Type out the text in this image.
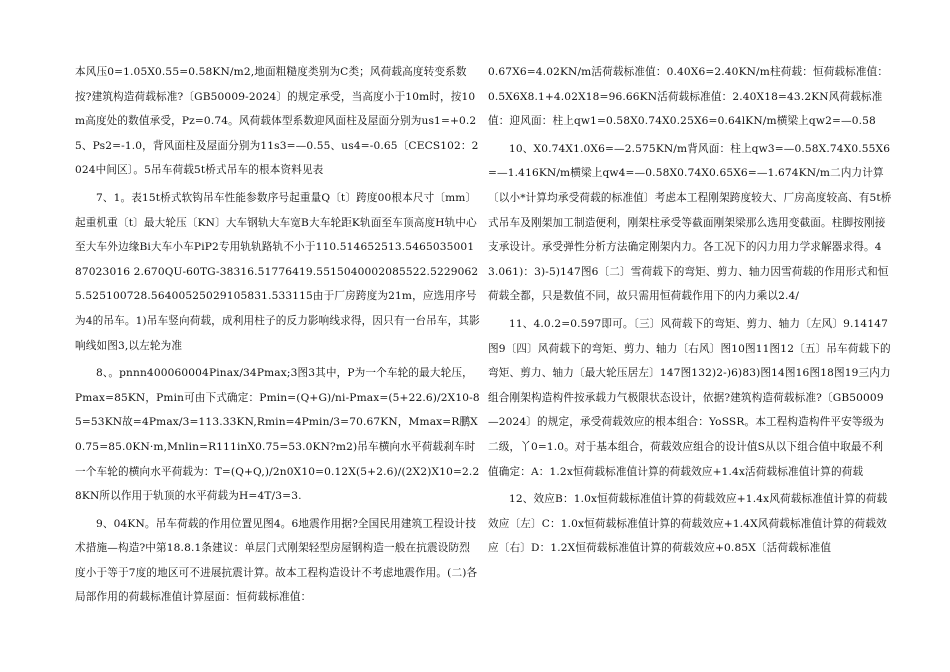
本风压0=1.05X0.55=0.58KN/m2,地面粗糙度类别为C类；风荷载高度转变系数按?建筑构造荷载标准?〔GB50009-2024〕的规定承受，当高度小于10m时，按10m高度处的数值承受，Pz=0.74。风荷载体型系数迎风面柱及屋面分别为us1=+0.25、Ps2=-1.0，背风面柱及屋面分别为11s3=—0.55、us4=-0.65〔CECS102：2024中间区〕。5吊车荷载5t桥式吊车的根本资料见表

7、1。表15t桥式软钩吊车性能参数序号起重量Q〔t〕跨度00根本尺寸〔mm〕起重机重〔t〕最大轮压〔KN〕大车钢轨大车宽B大车轮距K轨面至车顶高度H轨中心至大车外边缘Bi大车小车PiP2专用轨轨路轨不小于110.514652513.546503500187023016 2.670QU-60TG-38316.51776419.5515040002085522.52290625.525100728.56400525029105831.533115由于厂房跨度为21m，应选用序号为4的吊车。1)吊车竖向荷载，成利用柱子的反力影响线求得，因只有一台吊车，其影响线如图3,以左轮为准

8、。pnnn400060004Pinax/34Pmax;3图3其中，P为一个车轮的最大轮压，Pmax=85KN，Pmin可由下式确定：Pmin=(Q+G)/ni-Pmax=(5+22.6)/2X10-85=53KN故=4Pmax/3=113.33KN,Rmin=4Pmin/3=70.67KN，Mmax=R鹏X0.75=85.0KN·m,Mnlin=R111inX0.75=53.0KN?m2)吊车横向水平荷载刹车时一个车轮的横向水平荷载为：T=(Q+Q,)/2n0X10=0.12X(5+2.6)/(2X2)X10=2.28KN所以作用于轨顶的水平荷载为H=4T/3=3.

9、04KN。吊车荷载的作用位置见图4。6地震作用据?全国民用建筑工程设计技术措施—构造?中第18.8.1条建议：单层门式刚架轻型房屋钢构造一般在抗震设防烈度小于等于7度的地区可不进展抗震计算。故本工程构造设计不考虑地震作用。(二)各局部作用的荷载标准值计算屋面：恒荷载标准值：

0.67X6=4.02KN/m活荷载标准值：0.40X6=2.40KN/m柱荷载：恒荷载标准值：0.5X6X8.1+4.02X18=96.66KN活荷载标准值：2.40X18=43.2KN风荷载标准值：迎风面：柱上qw1=0.58X0.74X0.25X6=0.64lKN/m横梁上qw2=—0.58

10、X0.74X1.0X6=—2.575KN/m背风面：柱上qw3=—0.58X.74X0.55X6=—1.416KN/m横梁上qw4=—0.58X0.74X0.65X6=—1.674KN/m二内力计算〔以小*计算均承受荷载的标准值〕考虑本工程刚架跨度较大、厂房高度较高、有5t桥式吊车及刚架加工制造便利，刚架柱承受等截面刚架梁那么选用变截面。柱脚按刚接支承设计。承受弹性分析方法确定刚架内力。各工况下的闪力用力学求解器求得。43.061)：3)-5)147图6〔二〕雪荷载下的弯矩、剪力、轴力因雪荷载的作用形式和恒荷载全都，只是数值不同，故只需用恒荷载作用下的内力乘以2.4/

11、4.0.2=0.597即可。〔三〕风荷载下的弯矩、剪力、轴力〔左风〕9.14147图9〔四〕风荷载下的弯矩、剪力、轴力〔右风〕图10图11图12〔五〕吊车荷载下的弯矩、剪力、轴力〔最大轮压居左〕147图132)2-)6)83)图14图16图18图19三内力组合刚架构造构件按承载力气极限状态设计，依据?建筑构造荷载标准?〔GB50009—2024〕的规定，承受荷载效应的根本组合：YoSSR。本工程构造构件平安等级为二级，丫0=1.0。对于基本组合，荷载效应组合的设计值S从以下组合值中取最不利值确定：A：1.2x恒荷载标准值计算的荷载效应+1.4x活荷载标准值计算的荷载

12、效应B：1.0x恒荷载标准值计算的荷载效应+1.4x风荷载标准值计算的荷载效应〔左〕C：1.0x恒荷载标准值计算的荷载效应+1.4X风荷载标准值计算的荷载效应〔右〕D：1.2X恒荷载标准值计算的荷载效应+0.85X〔活荷载标准值
